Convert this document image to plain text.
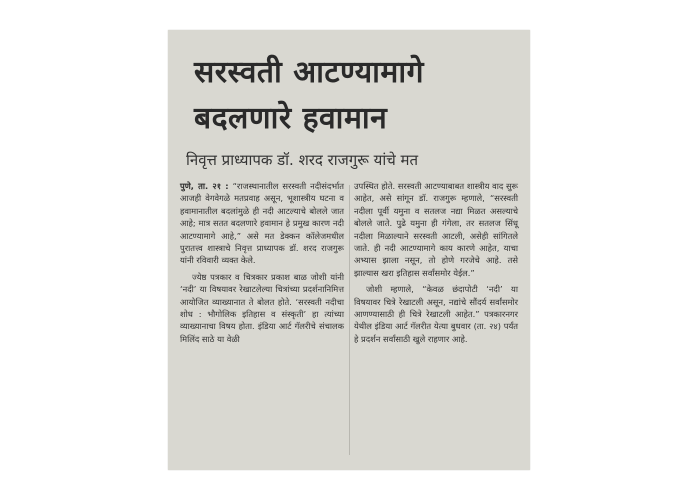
सरस्वती आटण्यामागे
बदलणारे हवामान
निवृत्त प्राध्यापक डॉ. शरद राजगुरू यांचे मत

पुणे, ता. २१ : “राजस्थानातील सरस्वती नदीसंदर्भात आजही वेगवेगळे मतप्रवाह असून, भूशास्त्रीय घटना व हवामानातील बदलांमुळे ही नदी आटल्याचे बोलले जात आहे; मात्र सतत बदलणारे हवामान हे प्रमुख कारण नदी आटण्यामागे आहे,” असे मत डेक्कन कॉलेजमधील पुरातत्त्व शास्त्राचे निवृत्त प्राध्यापक डॉ. शरद राजगुरू यांनी रविवारी व्यक्त केले.

ज्येष्ठ पत्रकार व चित्रकार प्रकाश बाळ जोशी यांनी ‘नदी’ या विषयावर रेखाटलेल्या चित्रांच्या प्रदर्शनानिमित्त आयोजित व्याख्यानात ते बोलत होते. ‘सरस्वती नदीचा शोध : भौगोलिक इतिहास व संस्कृती’ हा त्यांच्या व्याख्यानाचा विषय होता. इंडिया आर्ट गॅलरीचे संचालक मिलिंद साठे या वेळी

उपस्थित होते. सरस्वती आटण्याबाबत शास्त्रीय वाद सुरू आहेत, असे सांगून डॉ. राजगुरू म्हणाले, “सरस्वती नदीला पूर्वी यमुना व सतलज नद्या मिळत असल्याचे बोलले जाते. पुढे यमुना ही गंगेला, तर सतलज सिंधू नदीला मिळाल्याने सरस्वती आटली, असेही सांगितले जाते. ही नदी आटण्यामागे काय कारणे आहेत, याचा अभ्यास झाला नसून, तो होणे गरजेचे आहे. तसे झाल्यास खरा इतिहास सर्वांसमोर येईल.”

जोशी म्हणाले, “केवळ छंदापोटी ‘नदी’ या विषयावर चित्रे रेखाटली असून, नद्यांचे सौंदर्य सर्वांसमोर आणण्यासाठी ही चित्रे रेखाटली आहेत.” पत्रकारनगर येथील इंडिया आर्ट गॅलरीत येत्या बुधवार (ता. २४) पर्यंत हे प्रदर्शन सर्वांसाठी खुले राहणार आहे.
